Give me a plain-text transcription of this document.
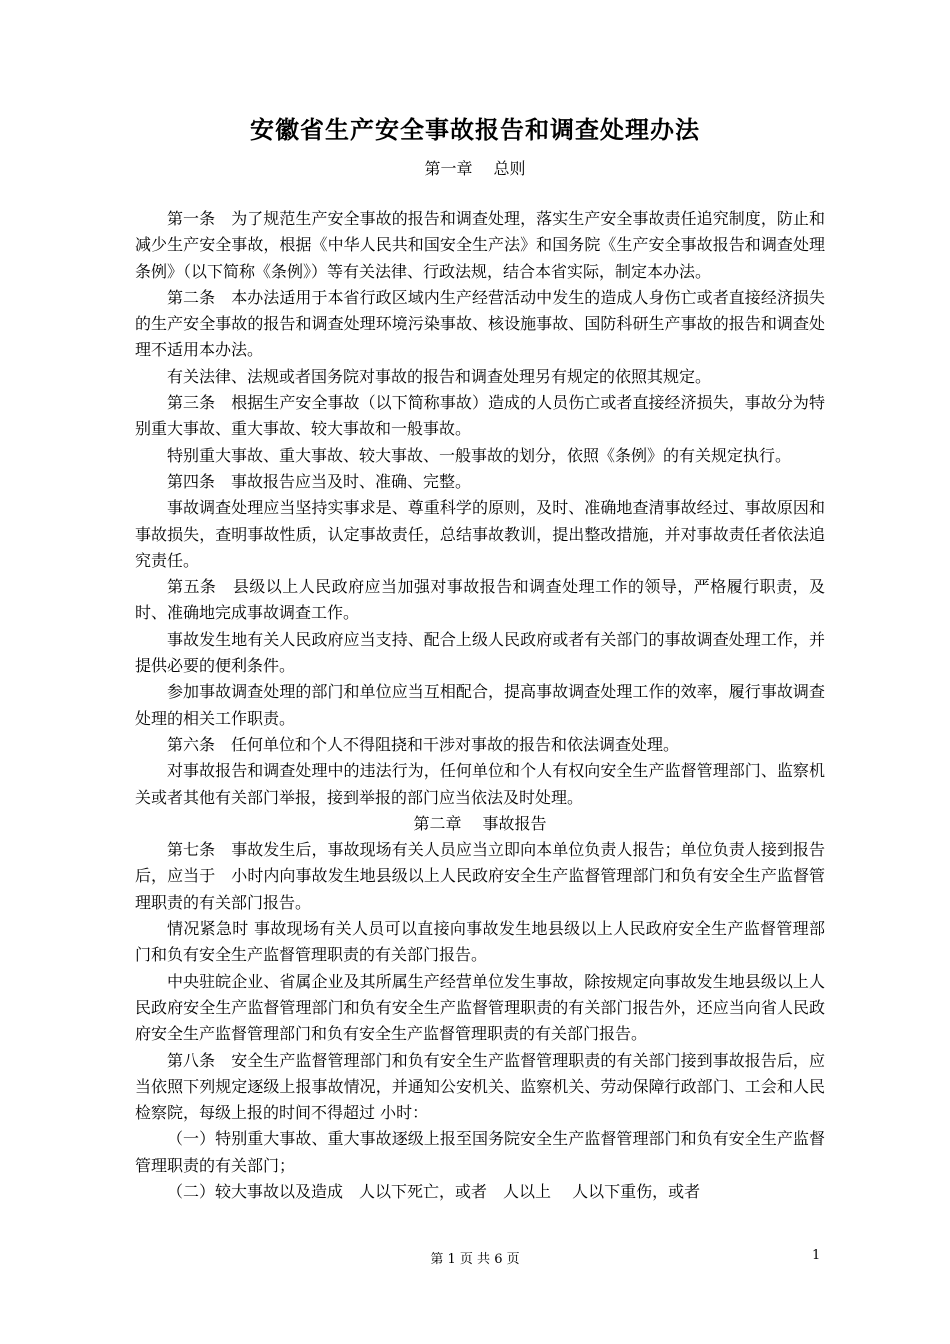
安徽省生产安全事故报告和调查处理办法
第一章　 总则

第一条　为了规范生产安全事故的报告和调查处理，落实生产安全事故责任追究制度，防止和减少生产安全事故，根据《中华人民共和国安全生产法》和国务院《生产安全事故报告和调查处理条例》（以下简称《条例》）等有关法律、行政法规，结合本省实际，制定本办法。

第二条　本办法适用于本省行政区域内生产经营活动中发生的造成人身伤亡或者直接经济损失的生产安全事故的报告和调查处理环境污染事故、核设施事故、国防科研生产事故的报告和调查处理不适用本办法。

有关法律、法规或者国务院对事故的报告和调查处理另有规定的依照其规定。

第三条　根据生产安全事故（以下简称事故）造成的人员伤亡或者直接经济损失，事故分为特别重大事故、重大事故、较大事故和一般事故。

特别重大事故、重大事故、较大事故、一般事故的划分，依照《条例》的有关规定执行。

第四条　事故报告应当及时、准确、完整。

事故调查处理应当坚持实事求是、尊重科学的原则，及时、准确地查清事故经过、事故原因和事故损失，查明事故性质，认定事故责任，总结事故教训，提出整改措施，并对事故责任者依法追究责任。

第五条　县级以上人民政府应当加强对事故报告和调查处理工作的领导，严格履行职责，及时、准确地完成事故调查工作。

事故发生地有关人民政府应当支持、配合上级人民政府或者有关部门的事故调查处理工作，并提供必要的便利条件。

参加事故调查处理的部门和单位应当互相配合，提高事故调查处理工作的效率，履行事故调查处理的相关工作职责。

第六条　任何单位和个人不得阻挠和干涉对事故的报告和依法调查处理。

对事故报告和调查处理中的违法行为，任何单位和个人有权向安全生产监督管理部门、监察机关或者其他有关部门举报，接到举报的部门应当依法及时处理。

第二章　 事故报告

第七条　事故发生后，事故现场有关人员应当立即向本单位负责人报告；单位负责人接到报告后，应当于　小时内向事故发生地县级以上人民政府安全生产监督管理部门和负有安全生产监督管理职责的有关部门报告。

情况紧急时 事故现场有关人员可以直接向事故发生地县级以上人民政府安全生产监督管理部门和负有安全生产监督管理职责的有关部门报告。

中央驻皖企业、省属企业及其所属生产经营单位发生事故，除按规定向事故发生地县级以上人民政府安全生产监督管理部门和负有安全生产监督管理职责的有关部门报告外，还应当向省人民政府安全生产监督管理部门和负有安全生产监督管理职责的有关部门报告。

第八条　安全生产监督管理部门和负有安全生产监督管理职责的有关部门接到事故报告后，应当依照下列规定逐级上报事故情况，并通知公安机关、监察机关、劳动保障行政部门、工会和人民检察院，每级上报的时间不得超过 小时：

（一）特别重大事故、重大事故逐级上报至国务院安全生产监督管理部门和负有安全生产监督管理职责的有关部门；

（二）较大事故以及造成　人以下死亡，或者　人以上　 人以下重伤，或者

第 1 页 共 6 页	1
